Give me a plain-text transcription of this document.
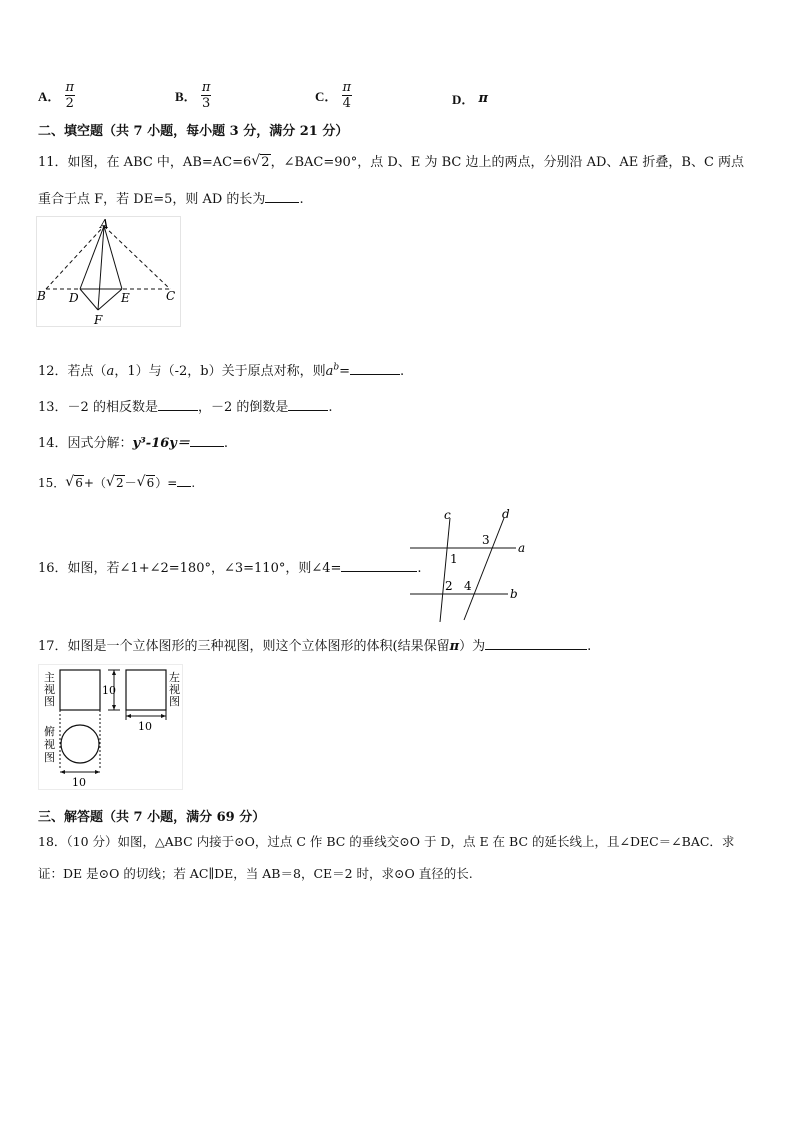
A． $\frac{\pi}{2}$	B． $\frac{\pi}{3}$	C． $\frac{\pi}{4}$	D． π
二、填空题（共 7 小题，每小题 3 分，满分 21 分）
11．如图，在 ABC 中，AB=AC=6 √ 2，∠BAC=90°，点 D、E 为 BC 边上的两点，分别沿 AD、AE 折叠，B、C 两点
重合于点 F，若 DE=5，则 AD 的长为	.
A
B	C
D	E
F
12．若点（a，1）与（-2，b）关于原点对称，则$a^b=$	.
13．－2 的相反数是	，－2 的倒数是	.
14．因式分解：y³-16y＝	.
15． √ 6+（ √ 2－ √ 6）= .
16．如图，若∠1+∠2=180°，∠3=110°，则∠4=	.
c	d
a
b
1
2
3
4
17．如图是一个立体图形的三种视图，则这个立体图形的体积(结果保留π）为	.
主
视
图
10
左
视
图
10
俯
视
图
10
三、解答题（共 7 小题，满分 69 分）
18．（10 分）如图，△ABC 内接于⊙O，过点 C 作 BC 的垂线交⊙O 于 D，点 E 在 BC 的延长线上，且∠DEC＝∠BAC．求
证：DE 是⊙O 的切线；若 AC∥DE，当 AB＝8，CE＝2 时，求⊙O 直径的长.
